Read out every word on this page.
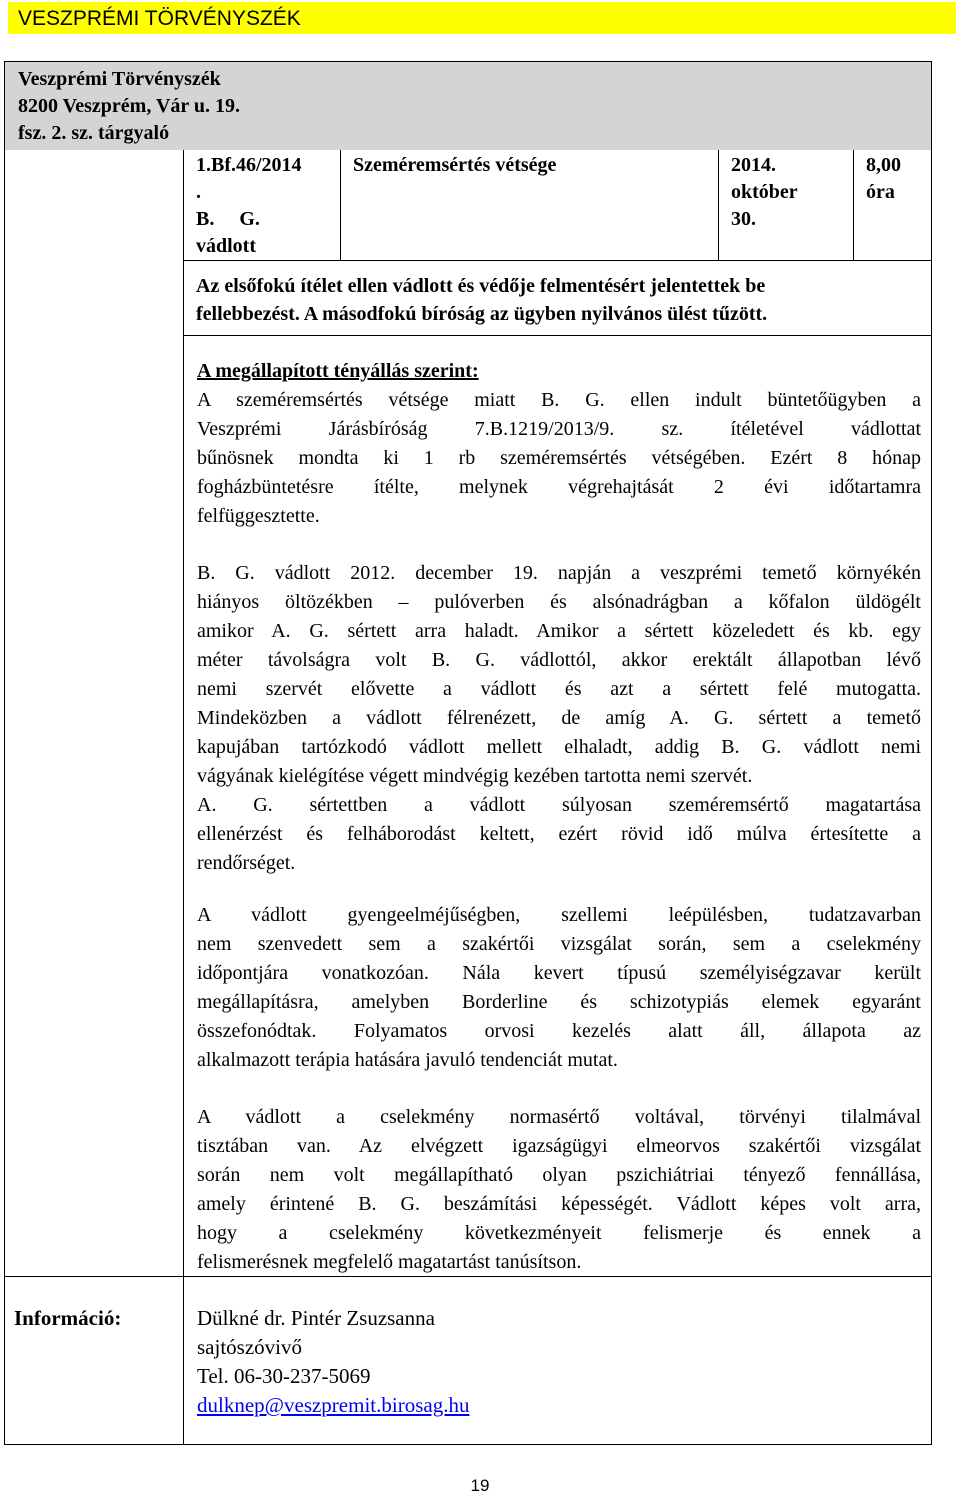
VESZPRÉMI TÖRVÉNYSZÉK
Veszprémi Törvényszék
8200 Veszprém, Vár u. 19.
fsz. 2. sz. tárgyaló
1.Bf.46/2014
.
B.     G.
vádlott
Szeméremsértés vétsége	2014.
október
30.
8,00
óra
Az elsőfokú ítélet ellen vádlott és védője felmentésért jelentettek be
fellebbezést. A másodfokú bíróság az ügyben nyilvános ülést tűzött.
A megállapított tényállás szerint:

A szeméremsértés vétsége miatt B. G. ellen indult büntetőügyben a
Veszprémi Járásbíróság 7.B.1219/2013/9. sz. ítéletével vádlottat
bűnösnek mondta ki 1 rb szeméremsértés vétségében. Ezért 8 hónap
fogházbüntetésre ítélte, melynek végrehajtását 2 évi időtartamra
felfüggesztette.

B. G. vádlott 2012. december 19. napján a veszprémi temető környékén
hiányos öltözékben – pulóverben és alsónadrágban a kőfalon üldögélt
amikor A. G. sértett arra haladt. Amikor a sértett közeledett és kb. egy
méter távolságra volt B. G. vádlottól, akkor erektált állapotban lévő
nemi szervét elővette a vádlott és azt a sértett felé mutogatta.
Mindeközben a vádlott félrenézett, de amíg A. G. sértett a temető
kapujában tartózkodó vádlott mellett elhaladt, addig B. G. vádlott nemi
vágyának kielégítése végett mindvégig kezében tartotta nemi szervét.
A. G. sértettben a vádlott súlyosan szeméremsértő magatartása
ellenérzést és felháborodást keltett, ezért rövid idő múlva értesítette a
rendőrséget.
A vádlott gyengeelméjűségben, szellemi leépülésben, tudatzavarban
nem szenvedett sem a szakértői vizsgálat során, sem a cselekmény
időpontjára vonatkozóan. Nála kevert típusú személyiségzavar került
megállapításra, amelyben Borderline és schizotypiás elemek egyaránt
összefonódtak. Folyamatos orvosi kezelés alatt áll, állapota az
alkalmazott terápia hatására javuló tendenciát mutat.
A vádlott a cselekmény normasértő voltával, törvényi tilalmával
tisztában van. Az elvégzett igazságügyi elmeorvos szakértői vizsgálat
során nem volt megállapítható olyan pszichiátriai tényező fennállása,
amely érintené B. G. beszámítási képességét. Vádlott képes volt arra,
hogy a cselekmény következményeit felismerje és ennek a
felismerésnek megfelelő magatartást tanúsítson.
Információ:	Dülkné dr. Pintér Zsuzsanna
sajtószóvivő
Tel. 06-30-237-5069
dulknep@veszpremit.birosag.hu
19
